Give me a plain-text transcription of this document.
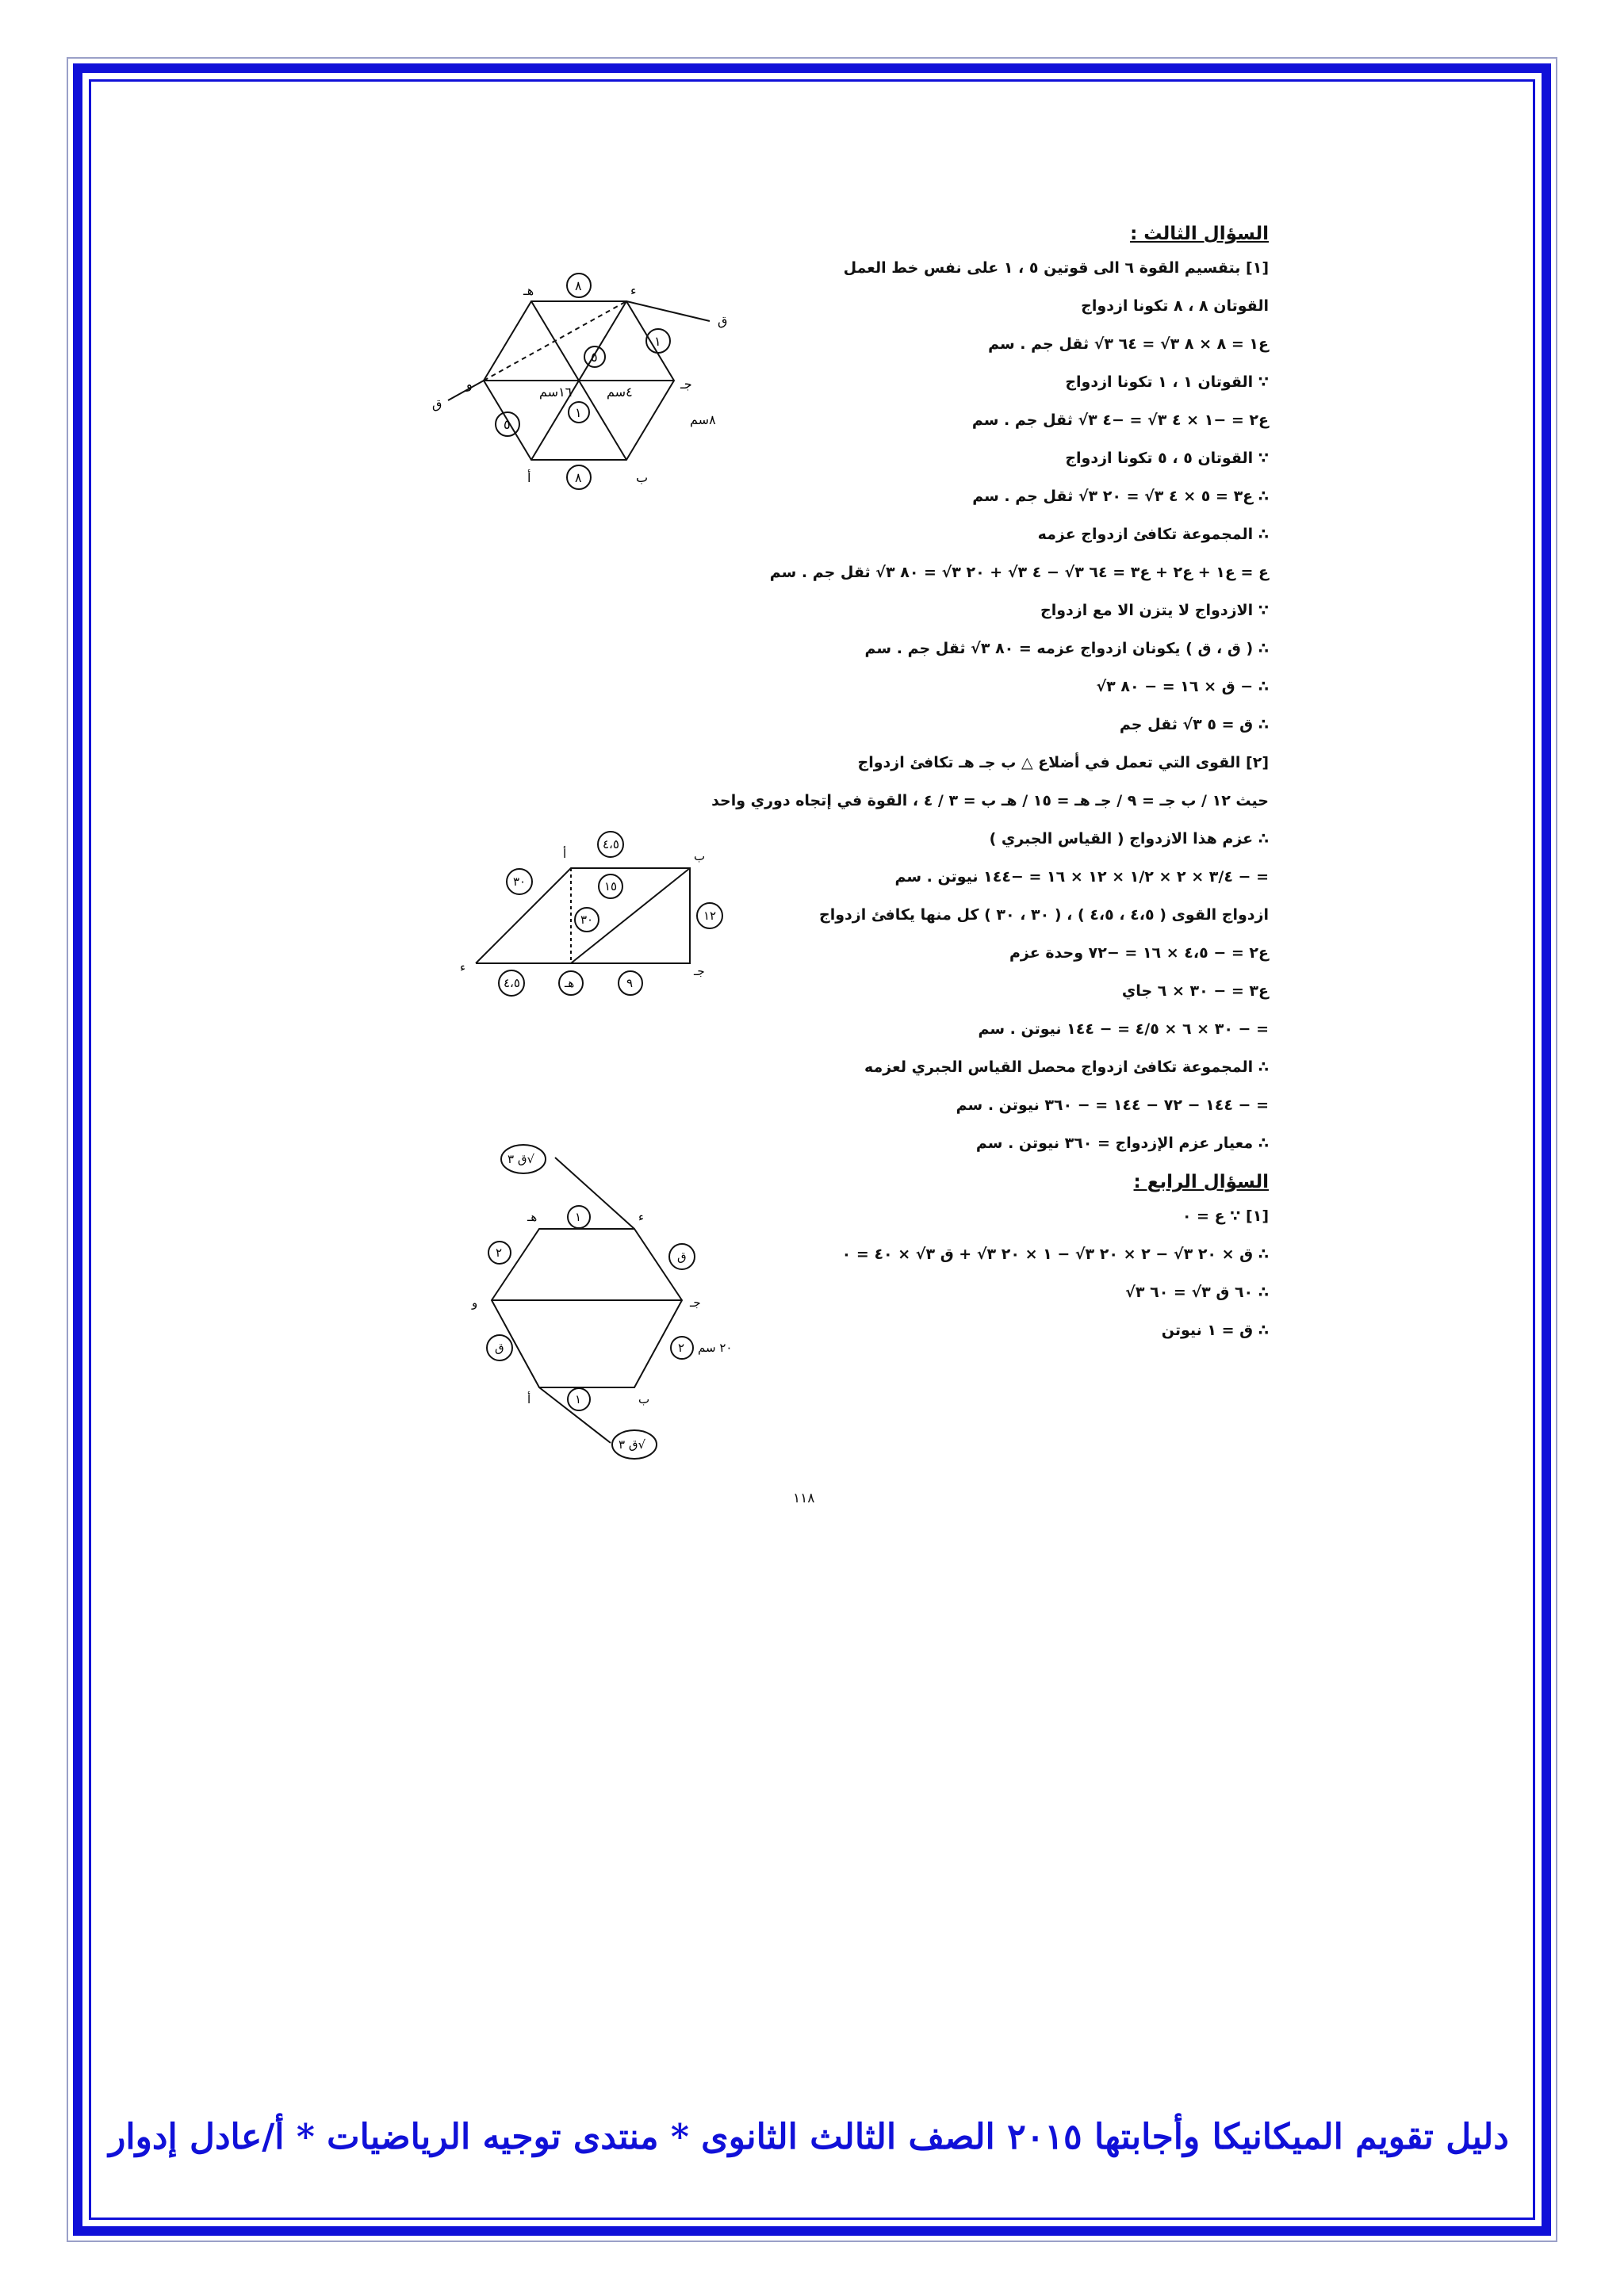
السؤال الثالث :
[١] بتقسيم القوة ٦ الى قوتين ٥ ، ١ على نفس خط العمل
القوتان ٨ ، ٨ تكونا ازدواج
ع١ = ٨ × ٨ ٣√ = ٦٤ ٣√ ثقل جم . سم
∵ القوتان ١ ، ١ تكونا ازدواج
ع٢ = −١ × ٤ ٣√ = −٤ ٣√ ثقل جم . سم
∵ القوتان ٥ ، ٥ تكونا ازدواج
∴ ع٣ = ٥ × ٤ ٣√ = ٢٠ ٣√ ثقل جم . سم
∴ المجموعة تكافئ ازدواج عزمه
ع = ع١ + ع٢ + ع٣ = ٦٤ ٣√ − ٤ ٣√ + ٢٠ ٣√ = ٨٠ ٣√ ثقل جم . سم
∵ الازدواج لا يتزن الا مع ازدواج
∴ ( ق ، ق ) يكونان ازدواج عزمه = ٨٠ ٣√ ثقل جم . سم
∴ − ق × ١٦ = − ٨٠ ٣√
∴ ق = ٥ ٣√ ثقل جم
[٢] القوى التي تعمل في أضلاع △ ب جـ هـ تكافئ ازدواج
حيث ١٢ / ب جـ = ٩ / جـ هـ = ١٥ / هـ ب = ٣ / ٤ ، القوة في إتجاه دوري واحد
∴ عزم هذا الازدواج ( القياس الجبري )
= − ٣/٤ × ٢ × ١/٢ × ١٢ × ١٦ = −١٤٤ نيوتن . سم
ازدواج القوى ( ٤،٥ ، ٤،٥ ) ، ( ٣٠ ، ٣٠ ) كل منها يكافئ ازدواج
ع٢ = − ٤،٥ × ١٦ = −٧٢ وحدة عزم
ع٣ = − ٣٠ × ٦ جاي
= − ٣٠ × ٦ × ٤/٥ = − ١٤٤ نيوتن . سم
∴ المجموعة تكافئ ازدواج محصل القياس الجبري لعزمه
= − ١٤٤ − ٧٢ − ١٤٤ = − ٣٦٠ نيوتن . سم
∴ معيار عزم الإزدواج = ٣٦٠ نيوتن . سم
السؤال الرابع :
[١] ∵ ع = ٠
∴ ق × ٢٠ ٣√ − ٢ × ٢٠ ٣√ − ١ × ٢٠ ٣√ + ق ٣√ × ٤٠ = ٠
∴ ٦٠ ق ٣√ = ٦٠ ٣√
∴ ق = ١ نيوتن
هـ	ء
و	جـ
أ	ب
ق
ق
٨
١
٥
١
٥
٨
١٦سم	٤سم
٨سم
أ	ب
جـ
ء
٤،٥
٣٠	١٥
٣٠	١٢
٤،٥	هـ	٩
هـ	ء
و	جـ
أ	ب
ق ٣√
١
٢	ق
ق	٢
١
ق ٣√
٢٠ سم
١١٨
دليل تقويم الميكانيكا وأجابتها ٢٠١٥ الصف الثالث الثانوى * منتدى توجيه الرياضيات * أ/عادل إدوار
